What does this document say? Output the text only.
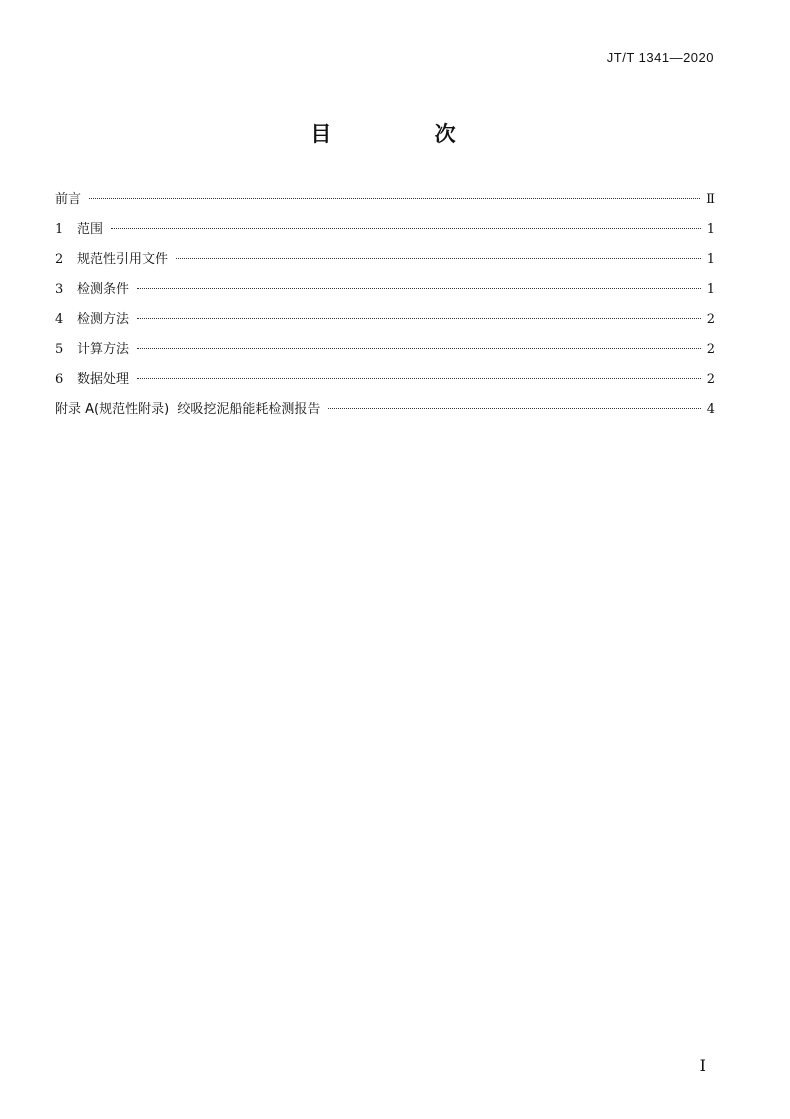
JT/T 1341—2020
目 次
前言	Ⅱ
1	范围	1
2	规范性引用文件	1
3	检测条件	1
4	检测方法	2
5	计算方法	2
6	数据处理	2
附录 A(规范性附录)  绞吸挖泥船能耗检测报告	4
I
